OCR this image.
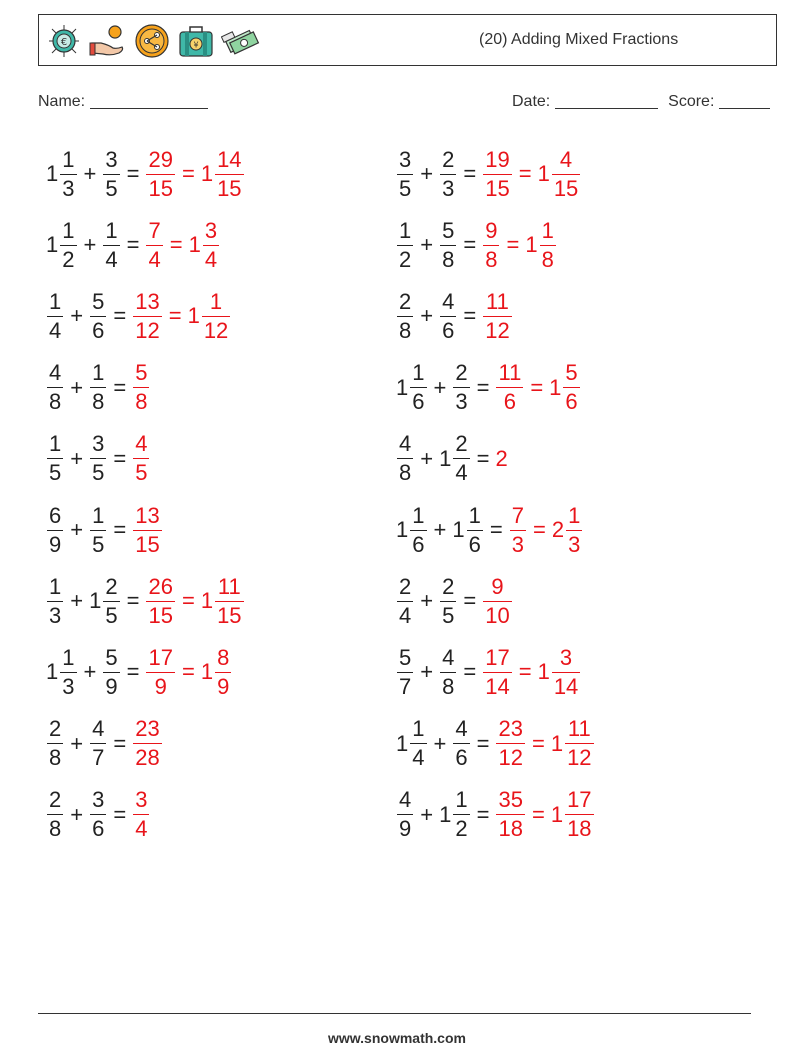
€	¥	(20) Adding Mixed Fractions
Name:	Date:	Score:
$1 \frac{1}{3} + \frac{3}{5} = \frac{29}{15} = 1 \frac{14}{15}$	$\frac{3}{5} + \frac{2}{3} = \frac{19}{15} = 1 \frac{4}{15}$
$1 \frac{1}{2} + \frac{1}{4} = \frac{7}{4} = 1 \frac{3}{4}$	$\frac{1}{2} + \frac{5}{8} = \frac{9}{8} = 1 \frac{1}{8}$
$\frac{1}{4} + \frac{5}{6} = \frac{13}{12} = 1 \frac{1}{12}$	$\frac{2}{8} + \frac{4}{6} = \frac{11}{12}$
$\frac{4}{8} + \frac{1}{8} = \frac{5}{8}$	$1 \frac{1}{6} + \frac{2}{3} = \frac{11}{6} = 1 \frac{5}{6}$
$\frac{1}{5} + \frac{3}{5} = \frac{4}{5}$	$\frac{4}{8} + 1 \frac{2}{4} = 2$
$\frac{6}{9} + \frac{1}{5} = \frac{13}{15}$	$1 \frac{1}{6} + 1 \frac{1}{6} = \frac{7}{3} = 2 \frac{1}{3}$
$\frac{1}{3} + 1 \frac{2}{5} = \frac{26}{15} = 1 \frac{11}{15}$	$\frac{2}{4} + \frac{2}{5} = \frac{9}{10}$
$1 \frac{1}{3} + \frac{5}{9} = \frac{17}{9} = 1 \frac{8}{9}$	$\frac{5}{7} + \frac{4}{8} = \frac{17}{14} = 1 \frac{3}{14}$
$\frac{2}{8} + \frac{4}{7} = \frac{23}{28}$	$1 \frac{1}{4} + \frac{4}{6} = \frac{23}{12} = 1 \frac{11}{12}$
$\frac{2}{8} + \frac{3}{6} = \frac{3}{4}$	$\frac{4}{9} + 1 \frac{1}{2} = \frac{35}{18} = 1 \frac{17}{18}$
www.snowmath.com
